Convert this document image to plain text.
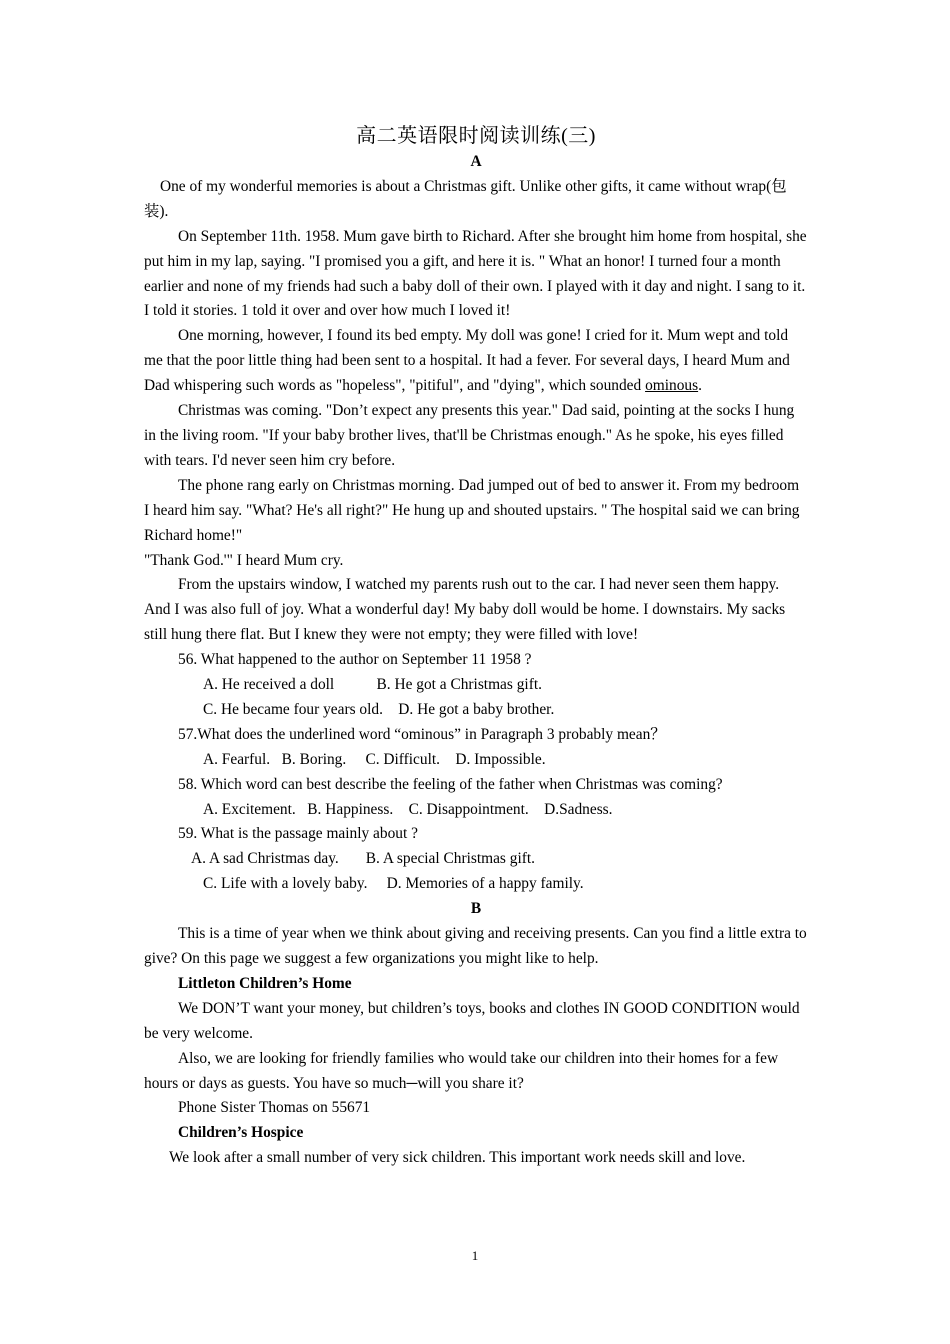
高二英语限时阅读训练(三)
A

One of my wonderful memories is about a Christmas gift. Unlike other gifts, it came without wrap(包装).

On September 11th. 1958. Mum gave birth to Richard. After she brought him home from hospital, she put him in my lap, saying. "I promised you a gift, and here it is. " What an honor! I turned four a month earlier and none of my friends had such a baby doll of their own. I played with it day and night. I sang to it. I told it stories. 1 told it over and over how much I loved it!

One morning, however, I found its bed empty. My doll was gone! I cried for it. Mum wept and told me that the poor little thing had been sent to a hospital. It had a fever. For several days, I heard Mum and Dad whispering such words as "hopeless", "pitiful", and "dying", which sounded ominous.

Christmas was coming. "Don’t expect any presents this year." Dad said, pointing at the socks I hung in the living room. "If your baby brother lives, that'll be Christmas enough." As he spoke, his eyes filled with tears. I'd never seen him cry before.

The phone rang early on Christmas morning. Dad jumped out of bed to answer it. From my bedroom I heard him say. "What? He's all right?" He hung up and shouted upstairs. " The hospital said we can bring Richard home!"

"Thank God.'" I heard Mum cry.

From the upstairs window, I watched my parents rush out to the car. I had never seen them happy. And I was also full of joy. What a wonderful day! My baby doll would be home. I downstairs. My sacks still hung there flat. But I knew they were not empty; they were filled with love!

56. What happened to the author on September 11 1958 ?

A. He received a doll           B. He got a Christmas gift.

C. He became four years old.    D. He got a baby brother.

57.What does the underlined word “ominous” in Paragraph 3 probably mean？

A. Fearful.   B. Boring.     C. Difficult.    D. Impossible.

58. Which word can best describe the feeling of the father when Christmas was coming?

A. Excitement.   B. Happiness.    C. Disappointment.    D.Sadness.

59. What is the passage mainly about ?

A. A sad Christmas day.       B. A special Christmas gift.

C. Life with a lovely baby.     D. Memories of a happy family.

B

This is a time of year when we think about giving and receiving presents. Can you find a little extra to give? On this page we suggest a few organizations you might like to help.

Littleton Children’s Home

We DON’T want your money, but children’s toys, books and clothes IN GOOD CONDITION would be very welcome.

Also, we are looking for friendly families who would take our children into their homes for a few hours or days as guests. You have so much─will you share it?

Phone Sister Thomas on 55671

Children’s Hospice

We look after a small number of very sick children. This important work needs skill and love.

1
